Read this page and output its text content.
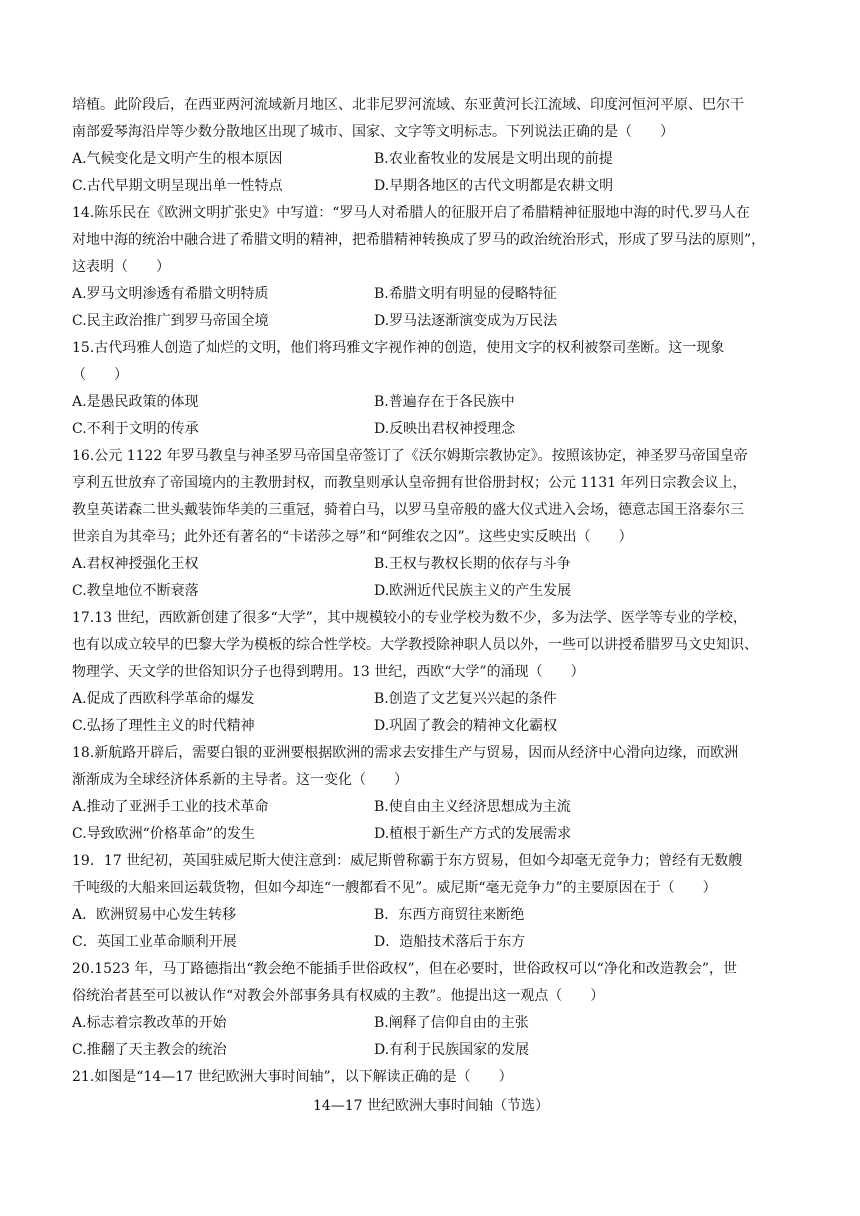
培植。此阶段后，在西亚两河流域新月地区、北非尼罗河流域、东亚黄河长江流域、印度河恒河平原、巴尔干
南部爱琴海沿岸等少数分散地区出现了城市、国家、文字等文明标志。下列说法正确的是（　　）
A.气候变化是文明产生的根本原因	B.农业畜牧业的发展是文明出现的前提
C.古代早期文明呈现出单一性特点	D.早期各地区的古代文明都是农耕文明
14.陈乐民在《欧洲文明扩张史》中写道：“罗马人对希腊人的征服开启了希腊精神征服地中海的时代.罗马人在
对地中海的统治中融合进了希腊文明的精神，把希腊精神转换成了罗马的政治统治形式，形成了罗马法的原则”，
这表明（　　）
A.罗马文明渗透有希腊文明特质	B.希腊文明有明显的侵略特征
C.民主政治推广到罗马帝国全境	D.罗马法逐渐演变成为万民法
15.古代玛雅人创造了灿烂的文明，他们将玛雅文字视作神的创造，使用文字的权利被祭司垄断。这一现象
（　　）
A.是愚民政策的体现	B.普遍存在于各民族中
C.不利于文明的传承	D.反映出君权神授理念
16.公元 1122 年罗马教皇与神圣罗马帝国皇帝签订了《沃尔姆斯宗教协定》。按照该协定，神圣罗马帝国皇帝
亨利五世放弃了帝国境内的主教册封权，而教皇则承认皇帝拥有世俗册封权；公元 1131 年列日宗教会议上，
教皇英诺森二世头戴装饰华美的三重冠，骑着白马，以罗马皇帝般的盛大仪式进入会场，德意志国王洛泰尔三
世亲自为其牵马；此外还有著名的“卡诺莎之辱”和“阿维农之囚”。这些史实反映出（　　）
A.君权神授强化王权	B.王权与教权长期的依存与斗争
C.教皇地位不断衰落	D.欧洲近代民族主义的产生发展
17.13 世纪，西欧新创建了很多“大学”，其中规模较小的专业学校为数不少，多为法学、医学等专业的学校，
也有以成立较早的巴黎大学为模板的综合性学校。大学教授除神职人员以外，一些可以讲授希腊罗马文史知识、
物理学、天文学的世俗知识分子也得到聘用。13 世纪，西欧“大学”的涌现（　　）
A.促成了西欧科学革命的爆发	B.创造了文艺复兴兴起的条件
C.弘扬了理性主义的时代精神	D.巩固了教会的精神文化霸权
18.新航路开辟后，需要白银的亚洲要根据欧洲的需求去安排生产与贸易，因而从经济中心滑向边缘，而欧洲
渐渐成为全球经济体系新的主导者。这一变化（　　）
A.推动了亚洲手工业的技术革命	B.使自由主义经济思想成为主流
C.导致欧洲“价格革命”的发生	D.植根于新生产方式的发展需求
19．17 世纪初，英国驻威尼斯大使注意到：威尼斯曾称霸于东方贸易，但如今却毫无竞争力；曾经有无数艘
千吨级的大船来回运载货物，但如今却连“一艘都看不见”。威尼斯“毫无竞争力”的主要原因在于（　　）
A．欧洲贸易中心发生转移	B．东西方商贸往来断绝
C．英国工业革命顺利开展	D．造船技术落后于东方
20.1523 年，马丁路德指出“教会绝不能插手世俗政权”，但在必要时，世俗政权可以“净化和改造教会”，世
俗统治者甚至可以被认作“对教会外部事务具有权威的主教”。他提出这一观点（　　）
A.标志着宗教改革的开始	B.阐释了信仰自由的主张
C.推翻了天主教会的统治	D.有利于民族国家的发展
21.如图是“14—17 世纪欧洲大事时间轴”，以下解读正确的是（　　）
14—17 世纪欧洲大事时间轴（节选）
